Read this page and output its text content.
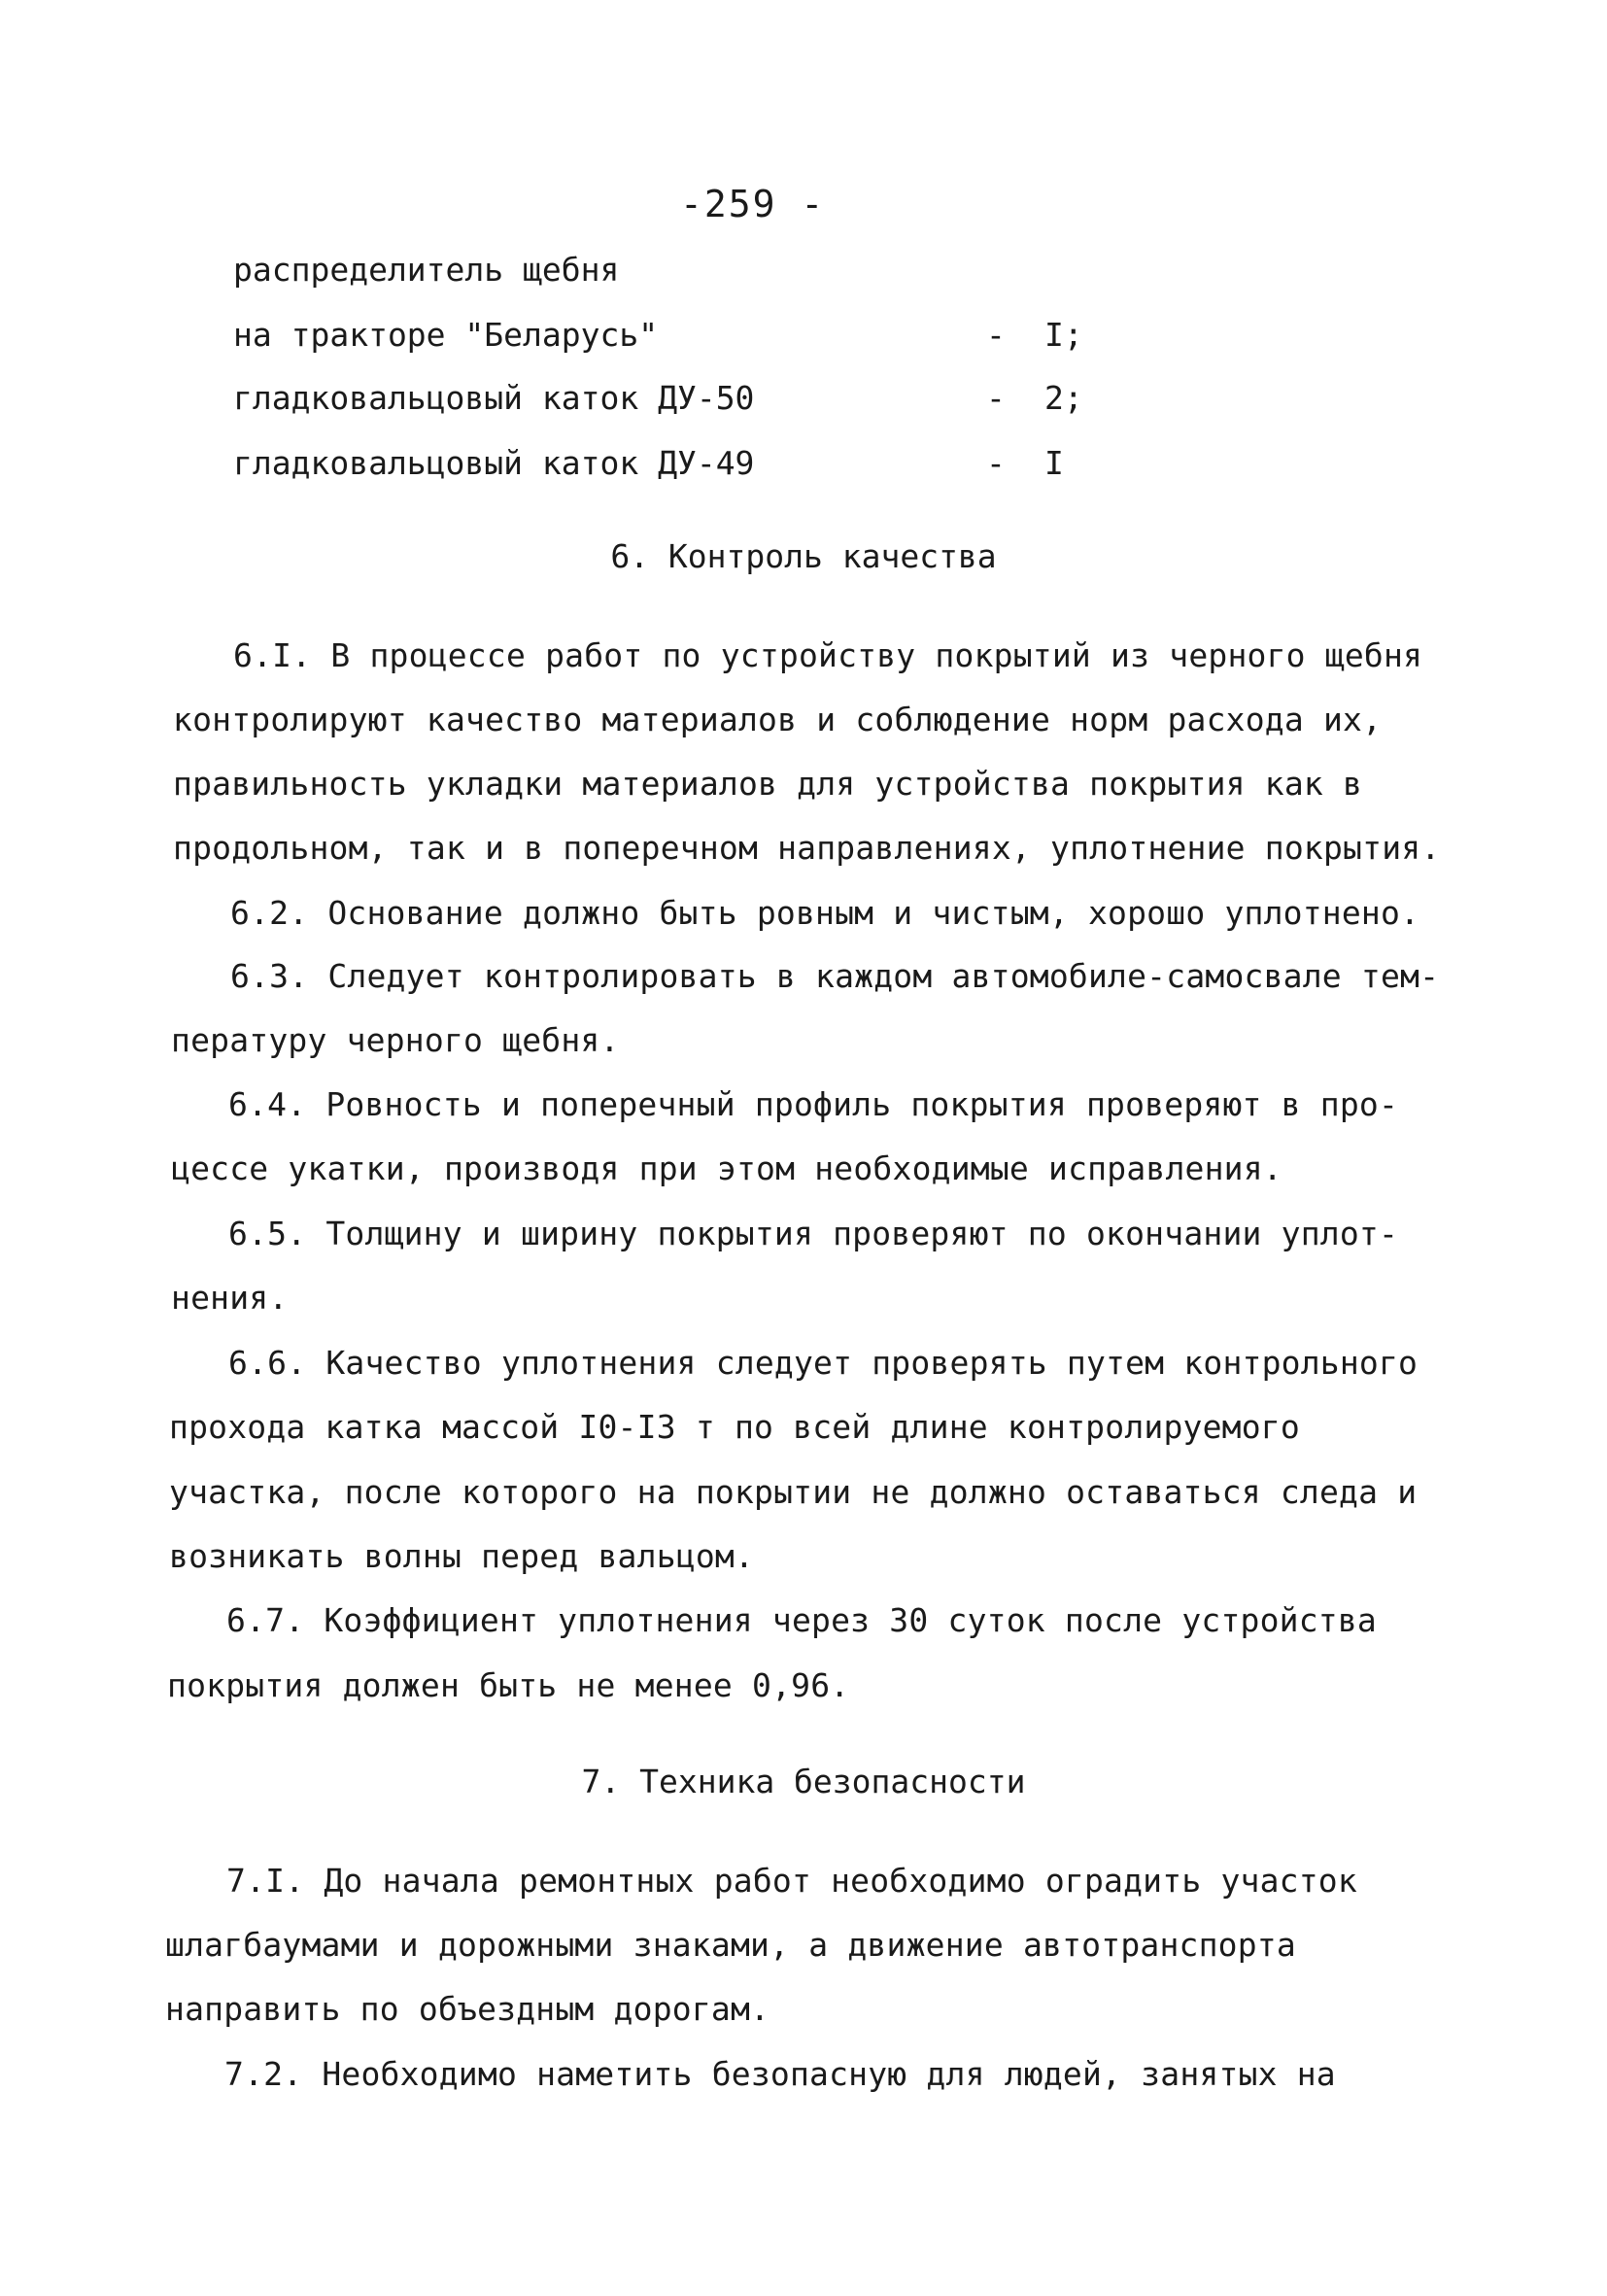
-259 -
распределитель щебня
на тракторе "Беларусь"	- I;
гладковальцовый каток ДУ-50	- 2;
гладковальцовый каток ДУ-49	- I
6. Контроль качества
6.I. В процессе работ по устройству покрытий из черного щебня
контролируют качество материалов и соблюдение норм расхода их,
правильность укладки материалов для устройства покрытия как в
продольном, так и в поперечном направлениях, уплотнение покрытия.
6.2. Основание должно быть ровным и чистым, хорошо уплотнено.
6.3. Следует контролировать в каждом автомобиле-самосвале тем-
пературу черного щебня.
6.4. Ровность и поперечный профиль покрытия проверяют в про-
цессе укатки, производя при этом необходимые исправления.
6.5. Толщину и ширину покрытия проверяют по окончании уплот-
нения.
6.6. Качество уплотнения следует проверять путем контрольного
прохода катка массой I0-I3 т по всей длине контролируемого
участка, после которого на покрытии не должно оставаться следа и
возникать волны перед вальцом.
6.7. Коэффициент уплотнения через 30 суток после устройства
покрытия должен быть не менее 0,96.
7. Техника безопасности
7.I. До начала ремонтных работ необходимо оградить участок
шлагбаумами и дорожными знаками, а движение автотранспорта
направить по объездным дорогам.
7.2. Необходимо наметить безопасную для людей, занятых на
